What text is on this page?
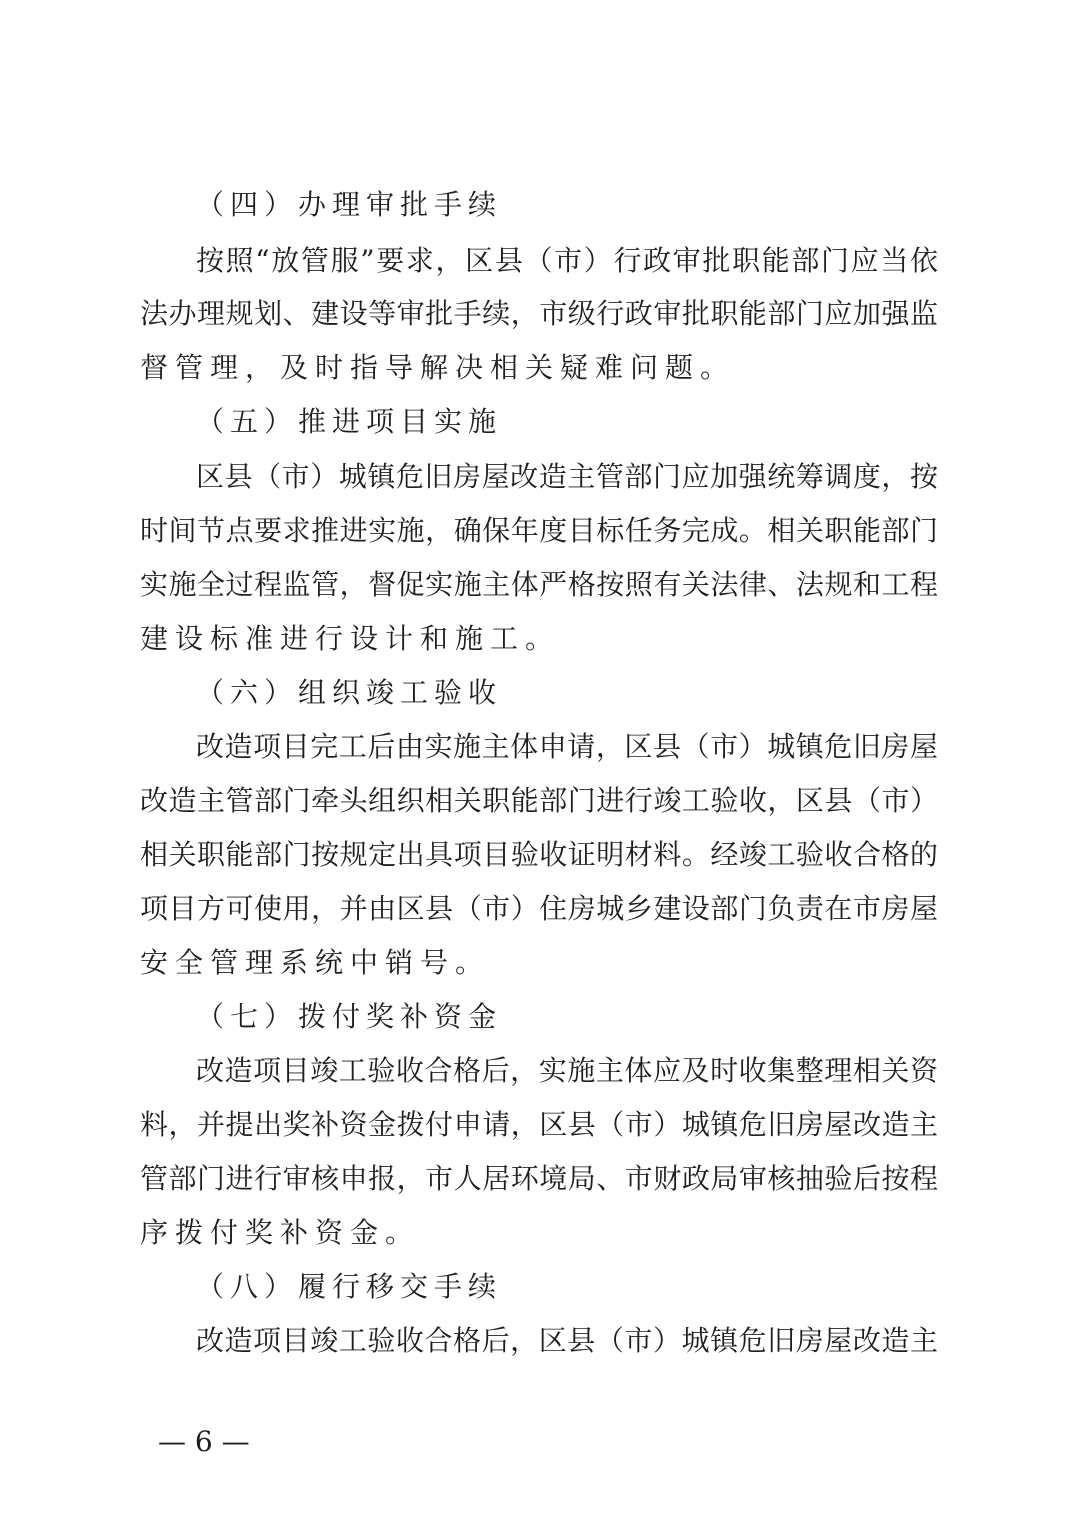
（四）办理审批手续
按照“放管服”要求，区县（市）行政审批职能部门应当依
法办理规划、建设等审批手续，市级行政审批职能部门应加强监
督管理，及时指导解决相关疑难问题。
（五）推进项目实施
区县（市）城镇危旧房屋改造主管部门应加强统筹调度，按
时间节点要求推进实施，确保年度目标任务完成。相关职能部门
实施全过程监管，督促实施主体严格按照有关法律、法规和工程
建设标准进行设计和施工。
（六）组织竣工验收
改造项目完工后由实施主体申请，区县（市）城镇危旧房屋
改造主管部门牵头组织相关职能部门进行竣工验收，区县（市）
相关职能部门按规定出具项目验收证明材料。经竣工验收合格的
项目方可使用，并由区县（市）住房城乡建设部门负责在市房屋
安全管理系统中销号。
（七）拨付奖补资金
改造项目竣工验收合格后，实施主体应及时收集整理相关资
料，并提出奖补资金拨付申请，区县（市）城镇危旧房屋改造主
管部门进行审核申报，市人居环境局、市财政局审核抽验后按程
序拨付奖补资金。
（八）履行移交手续
改造项目竣工验收合格后，区县（市）城镇危旧房屋改造主
— 6 —
